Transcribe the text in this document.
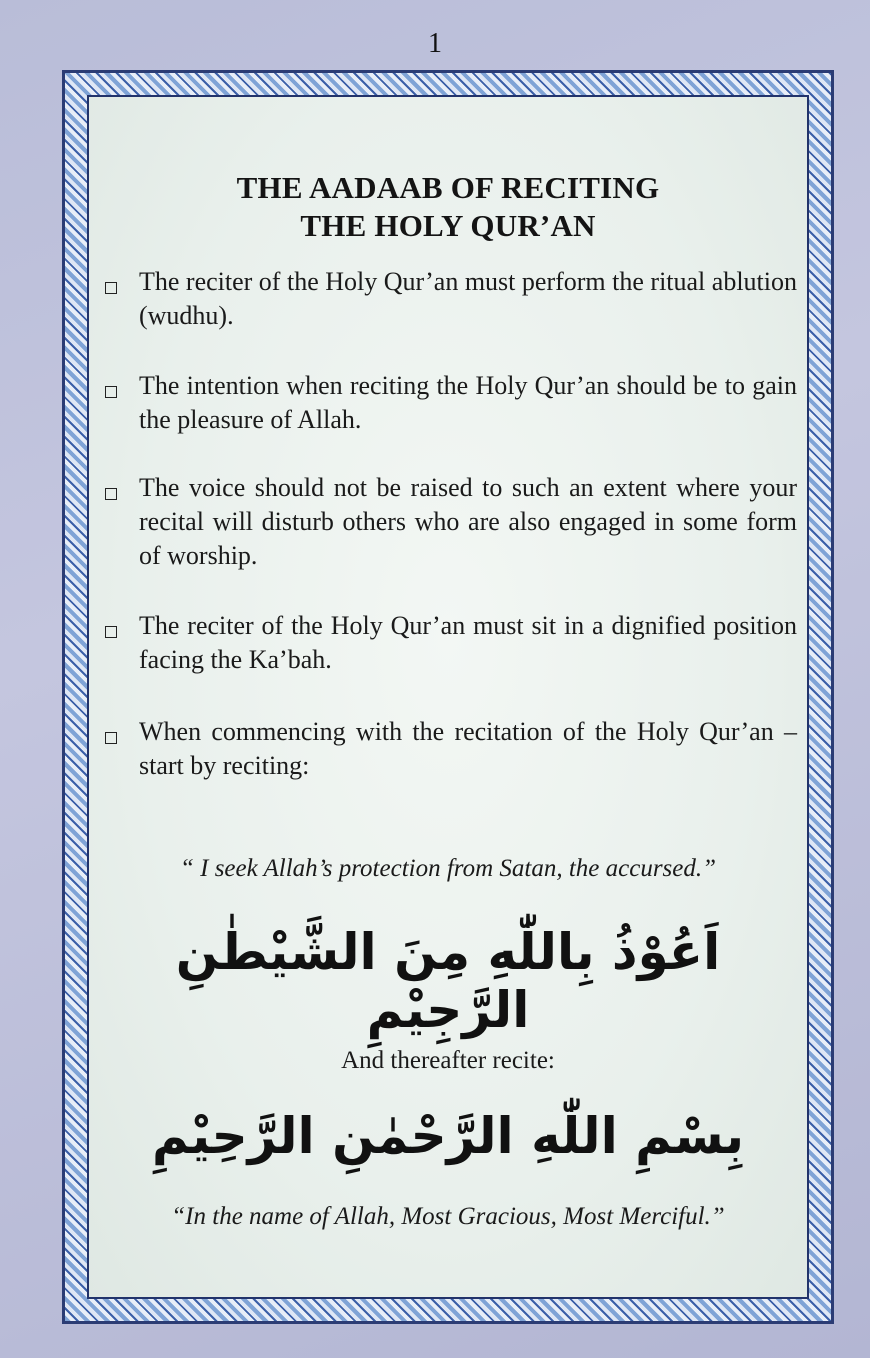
1
THE AADAAB OF RECITING
THE HOLY QUR’AN
The reciter of the Holy Qur’an must perform the ritual ablution (wudhu).
The intention when reciting the Holy Qur’an should be to gain the pleasure of Allah.
The voice should not be raised to such an extent where your recital will disturb others who are also engaged in some form of worship.
The reciter of the Holy Qur’an must sit in a dignified position facing the Ka’bah.
When commencing with the recitation of the Holy Qur’an – start by reciting:
“ I seek Allah’s protection from Satan, the accursed.”
اَعُوْذُ بِاللّٰهِ مِنَ الشَّيْطٰنِ الرَّجِيْمِ
And thereafter recite:
بِسْمِ اللّٰهِ الرَّحْمٰنِ الرَّحِيْمِ
“In the name of Allah, Most Gracious, Most Merciful.”
